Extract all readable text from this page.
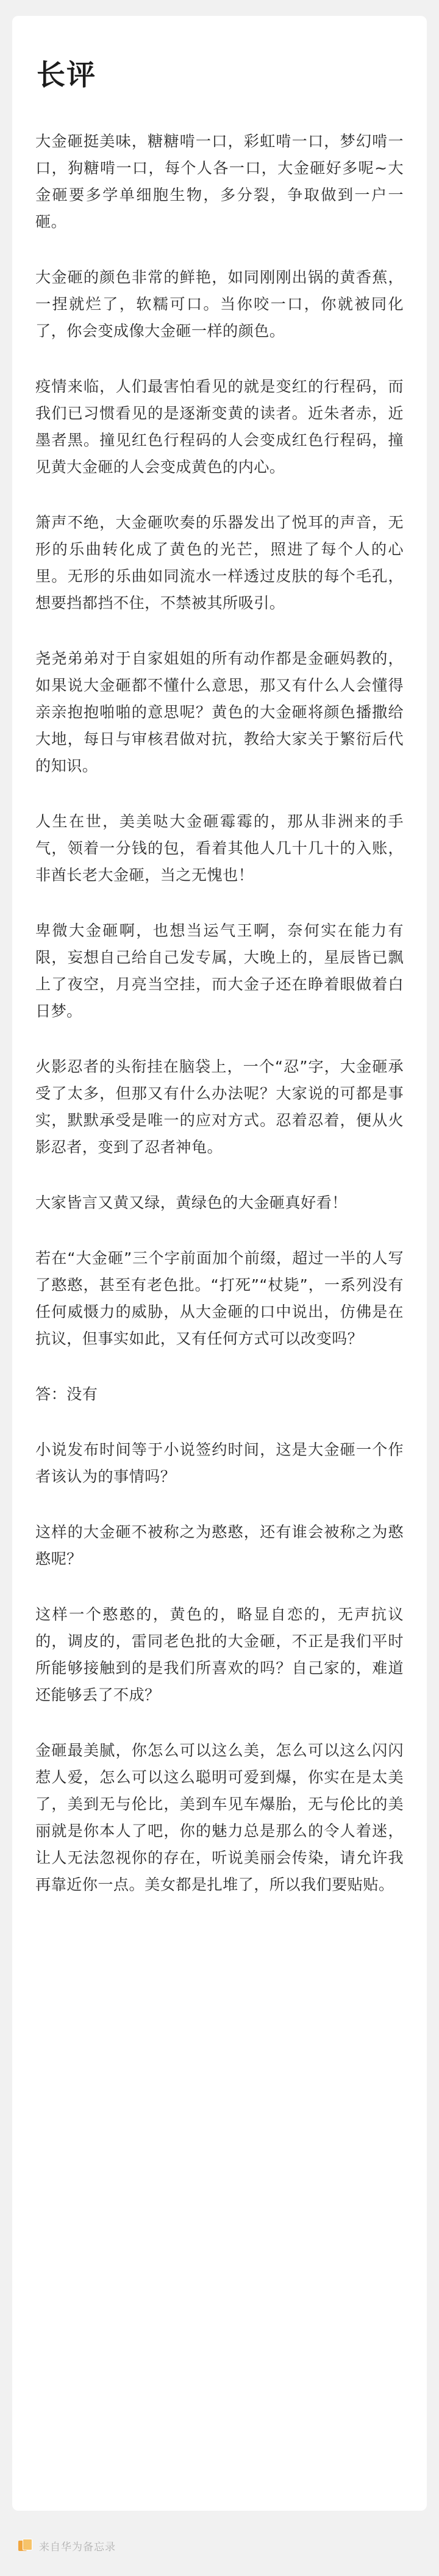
长评

大金砸挺美味，糖糖啃一口，彩虹啃一口，梦幻啃一口，狗糖啃一口，每个人各一口，大金砸好多呢~大金砸要多学单细胞生物，多分裂，争取做到一户一砸。

大金砸的颜色非常的鲜艳，如同刚刚出锅的黄香蕉，一捏就烂了，软糯可口。当你咬一口，你就被同化了，你会变成像大金砸一样的颜色。

疫情来临，人们最害怕看见的就是变红的行程码，而我们已习惯看见的是逐渐变黄的读者。近朱者赤，近墨者黑。撞见红色行程码的人会变成红色行程码，撞见黄大金砸的人会变成黄色的内心。

箫声不绝，大金砸吹奏的乐器发出了悦耳的声音，无形的乐曲转化成了黄色的光芒，照进了每个人的心里。无形的乐曲如同流水一样透过皮肤的每个毛孔，想要挡都挡不住，不禁被其所吸引。

尧尧弟弟对于自家姐姐的所有动作都是金砸妈教的，如果说大金砸都不懂什么意思，那又有什么人会懂得亲亲抱抱啪啪的意思呢？黄色的大金砸将颜色播撒给大地，每日与审核君做对抗，教给大家关于繁衍后代的知识。

人生在世，美美哒大金砸霉霉的，那从非洲来的手气，领着一分钱的包，看着其他人几十几十的入账，非酋长老大金砸，当之无愧也！

卑微大金砸啊，也想当运气王啊，奈何实在能力有限，妄想自己给自己发专属，大晚上的，星辰皆已飘上了夜空，月亮当空挂，而大金子还在睁着眼做着白日梦。

火影忍者的头衔挂在脑袋上，一个“忍”字，大金砸承受了太多，但那又有什么办法呢？大家说的可都是事实，默默承受是唯一的应对方式。忍着忍着，便从火影忍者，变到了忍者神龟。

大家皆言又黄又绿，黄绿色的大金砸真好看！

若在“大金砸”三个字前面加个前缀，超过一半的人写了憨憨，甚至有老色批。“打死”“杖毙”，一系列没有任何威慑力的威胁，从大金砸的口中说出，仿佛是在抗议，但事实如此，又有任何方式可以改变吗？

答：没有

小说发布时间等于小说签约时间，这是大金砸一个作者该认为的事情吗？

这样的大金砸不被称之为憨憨，还有谁会被称之为憨憨呢？

这样一个憨憨的，黄色的，略显自恋的，无声抗议的，调皮的，雷同老色批的大金砸，不正是我们平时所能够接触到的是我们所喜欢的吗？自己家的，难道还能够丢了不成？

金砸最美腻，你怎么可以这么美，怎么可以这么闪闪惹人爱，怎么可以这么聪明可爱到爆，你实在是太美了，美到无与伦比，美到车见车爆胎，无与伦比的美丽就是你本人了吧，你的魅力总是那么的令人着迷，让人无法忽视你的存在，听说美丽会传染，请允许我再靠近你一点。美女都是扎堆了，所以我们要贴贴。

来自华为备忘录
